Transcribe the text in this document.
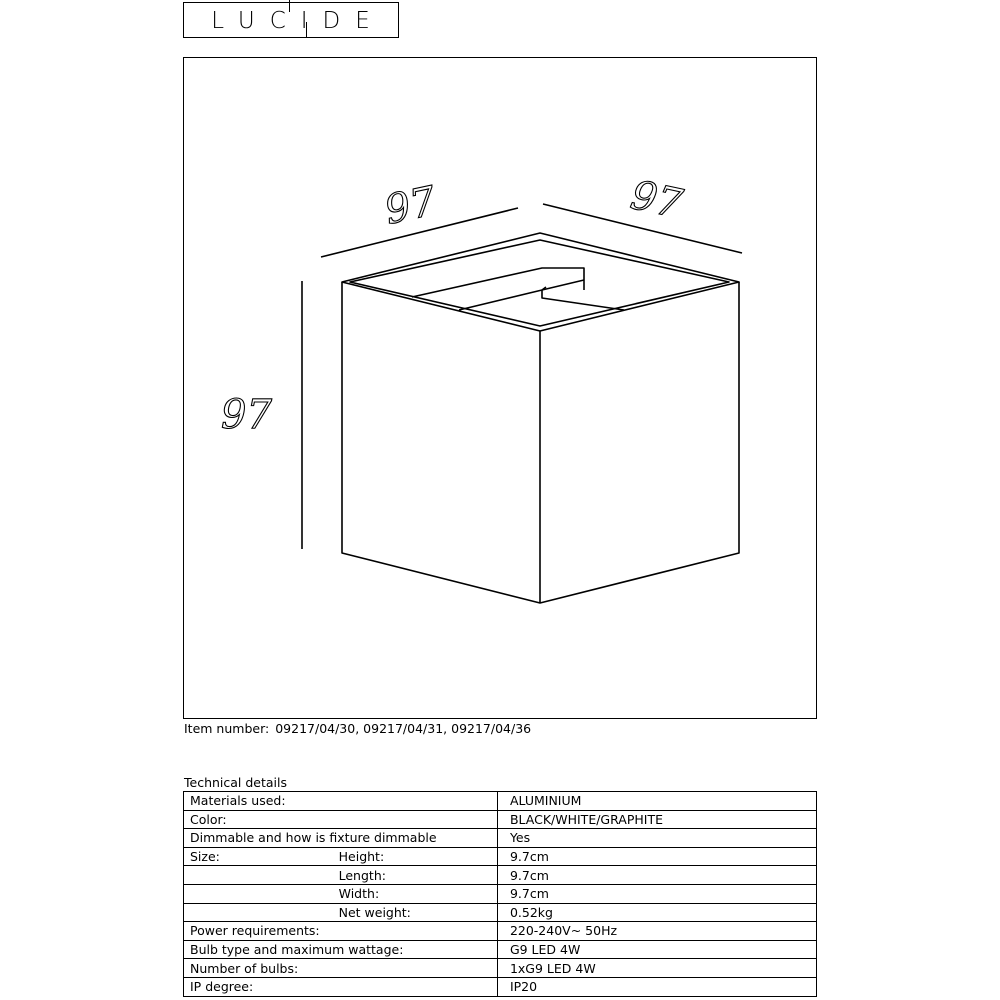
LUCIDE
97	97
97
Item number: 09217/04/30, 09217/04/31, 09217/04/36
Technical details
Materials used:		ALUMINIUM
Color:		BLACK/WHITE/GRAPHITE
Dimmable and how is fixture dimmable		Yes
Size:	Height:	9.7cm
	Length:	9.7cm
	Width:	9.7cm
	Net weight:	0.52kg
Power requirements:		220-240V~ 50Hz
Bulb type and maximum wattage:		G9 LED 4W
Number of bulbs:		1xG9 LED 4W
IP degree:		IP20
